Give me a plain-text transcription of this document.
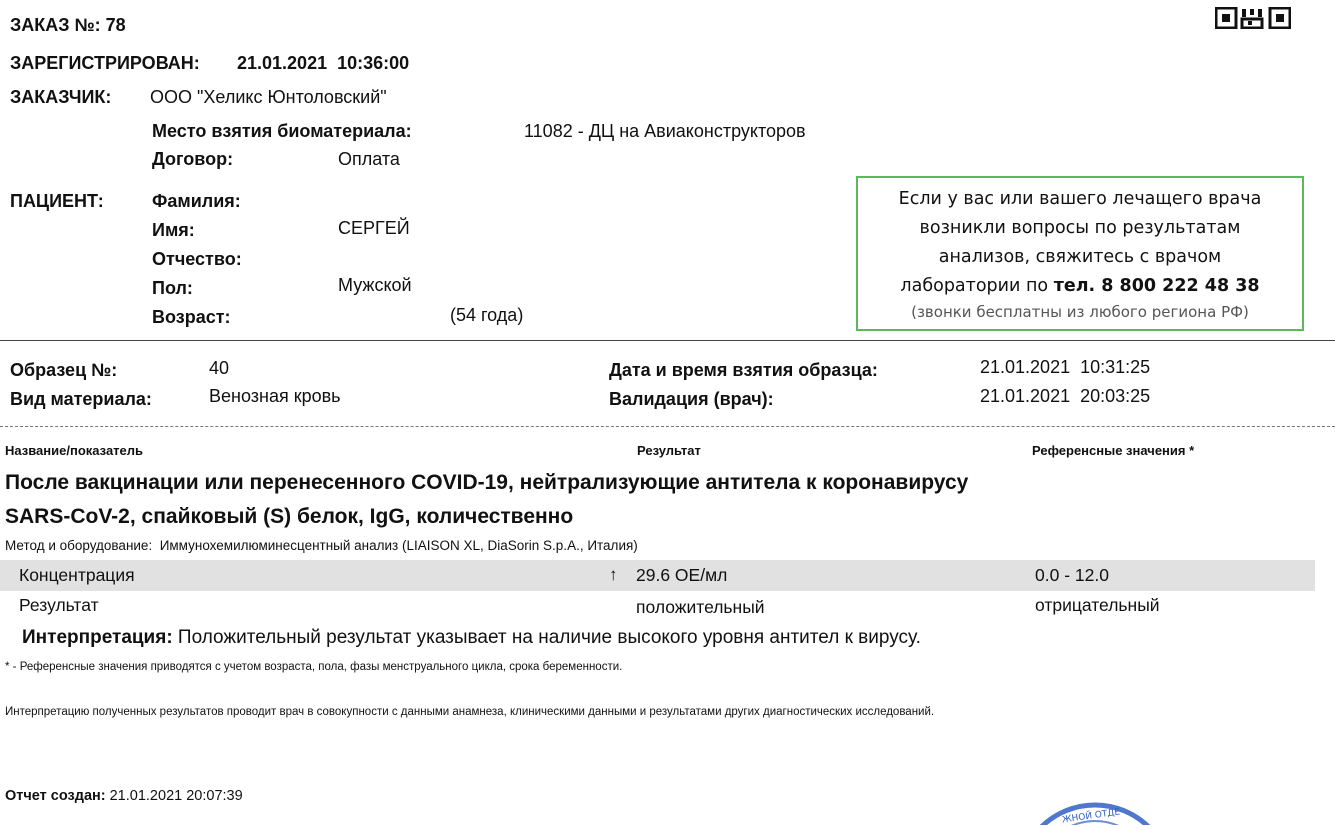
ЗАКАЗ №: 78
ЗАРЕГИСТРИРОВАН: 21.01.2021  10:36:00
ЗАКАЗЧИК: ООО "Хеликс Юнтоловский"
Место взятия биоматериала:	11082 - ДЦ на Авиаконструкторов
Договор:	Оплата
ПАЦИЕНТ:	Фамилия:
Имя:	СЕРГЕЙ
Отчество:
Пол:	Мужской
Возраст:	(54 года)
Если у вас или вашего лечащего врача
возникли вопросы по результатам
анализов, свяжитесь с врачом
лаборатории по тел. 8 800 222 48 38
(звонки бесплатны из любого региона РФ)
Образец №:	40
Вид материала:	Венозная кровь
Дата и время взятия образца:	21.01.2021  10:31:25
Валидация (врач):	21.01.2021  20:03:25
Название/показатель	Результат	Референсные значения *
После вакцинации или перенесенного COVID-19, нейтрализующие антитела к коронавирусу
SARS-CoV-2, спайковый (S) белок, IgG, количественно
Метод и оборудование:  Иммунохемилюминесцентный анализ (LIAISON XL, DiaSorin S.p.A., Италия)
Концентрация	↑ 29.6 ОЕ/мл	0.0 - 12.0
Результат	положительный	отрицательный
Интерпретация: Положительный результат указывает на наличие высокого уровня антител к вирусу.
* - Референсные значения приводятся с учетом возраста, пола, фазы менструального цикла, срока беременности.
Интерпретацию полученных результатов проводит врач в совокупности с данными анамнеза, клиническими данными и результатами других диагностических исследований.
Отчет создан: 21.01.2021 20:07:39
ЖНОЙ ОТДЕ
